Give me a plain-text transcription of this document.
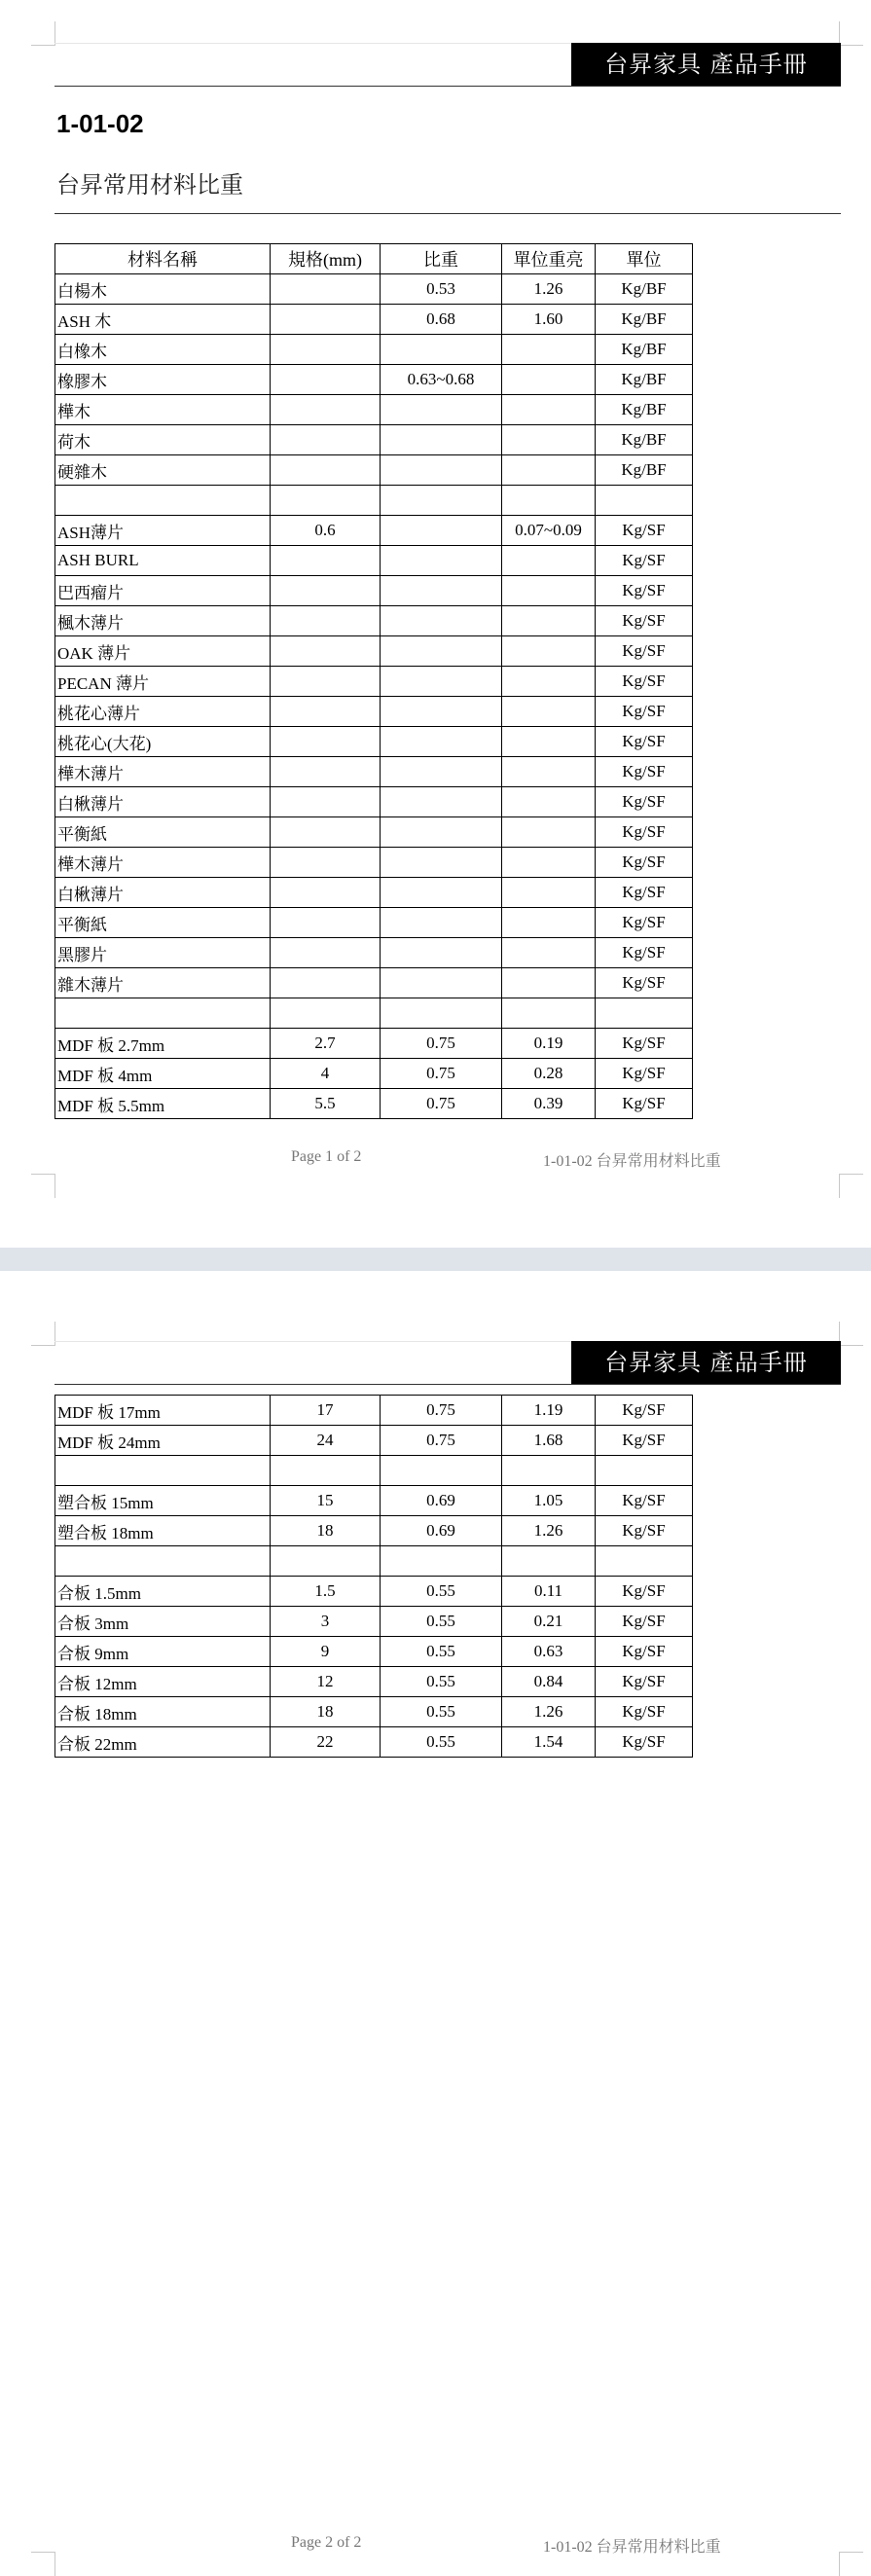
台昇家具 產品手冊
1-01-02
台昇常用材料比重
材料名稱	規格(mm)	比重	單位重亮	單位
白楊木		0.53	1.26	Kg/BF
ASH 木		0.68	1.60	Kg/BF
白橡木				Kg/BF
橡膠木		0.63~0.68		Kg/BF
樺木				Kg/BF
荷木				Kg/BF
硬雜木				Kg/BF

ASH薄片	0.6		0.07~0.09	Kg/SF
ASH BURL				Kg/SF
巴西瘤片				Kg/SF
楓木薄片				Kg/SF
OAK 薄片				Kg/SF
PECAN 薄片				Kg/SF
桃花心薄片				Kg/SF
桃花心(大花)				Kg/SF
樺木薄片				Kg/SF
白楸薄片				Kg/SF
平衡紙				Kg/SF
樺木薄片				Kg/SF
白楸薄片				Kg/SF
平衡紙				Kg/SF
黑膠片				Kg/SF
雜木薄片				Kg/SF

MDF 板 2.7mm	2.7	0.75	0.19	Kg/SF
MDF 板 4mm	4	0.75	0.28	Kg/SF
MDF 板 5.5mm	5.5	0.75	0.39	Kg/SF
Page 1 of 2	1-01-02 台昇常用材料比重
台昇家具 產品手冊
MDF 板 17mm	17	0.75	1.19	Kg/SF
MDF 板 24mm	24	0.75	1.68	Kg/SF

塑合板 15mm	15	0.69	1.05	Kg/SF
塑合板 18mm	18	0.69	1.26	Kg/SF

合板 1.5mm	1.5	0.55	0.11	Kg/SF
合板 3mm	3	0.55	0.21	Kg/SF
合板 9mm	9	0.55	0.63	Kg/SF
合板 12mm	12	0.55	0.84	Kg/SF
合板 18mm	18	0.55	1.26	Kg/SF
合板 22mm	22	0.55	1.54	Kg/SF
Page 2 of 2	1-01-02 台昇常用材料比重
